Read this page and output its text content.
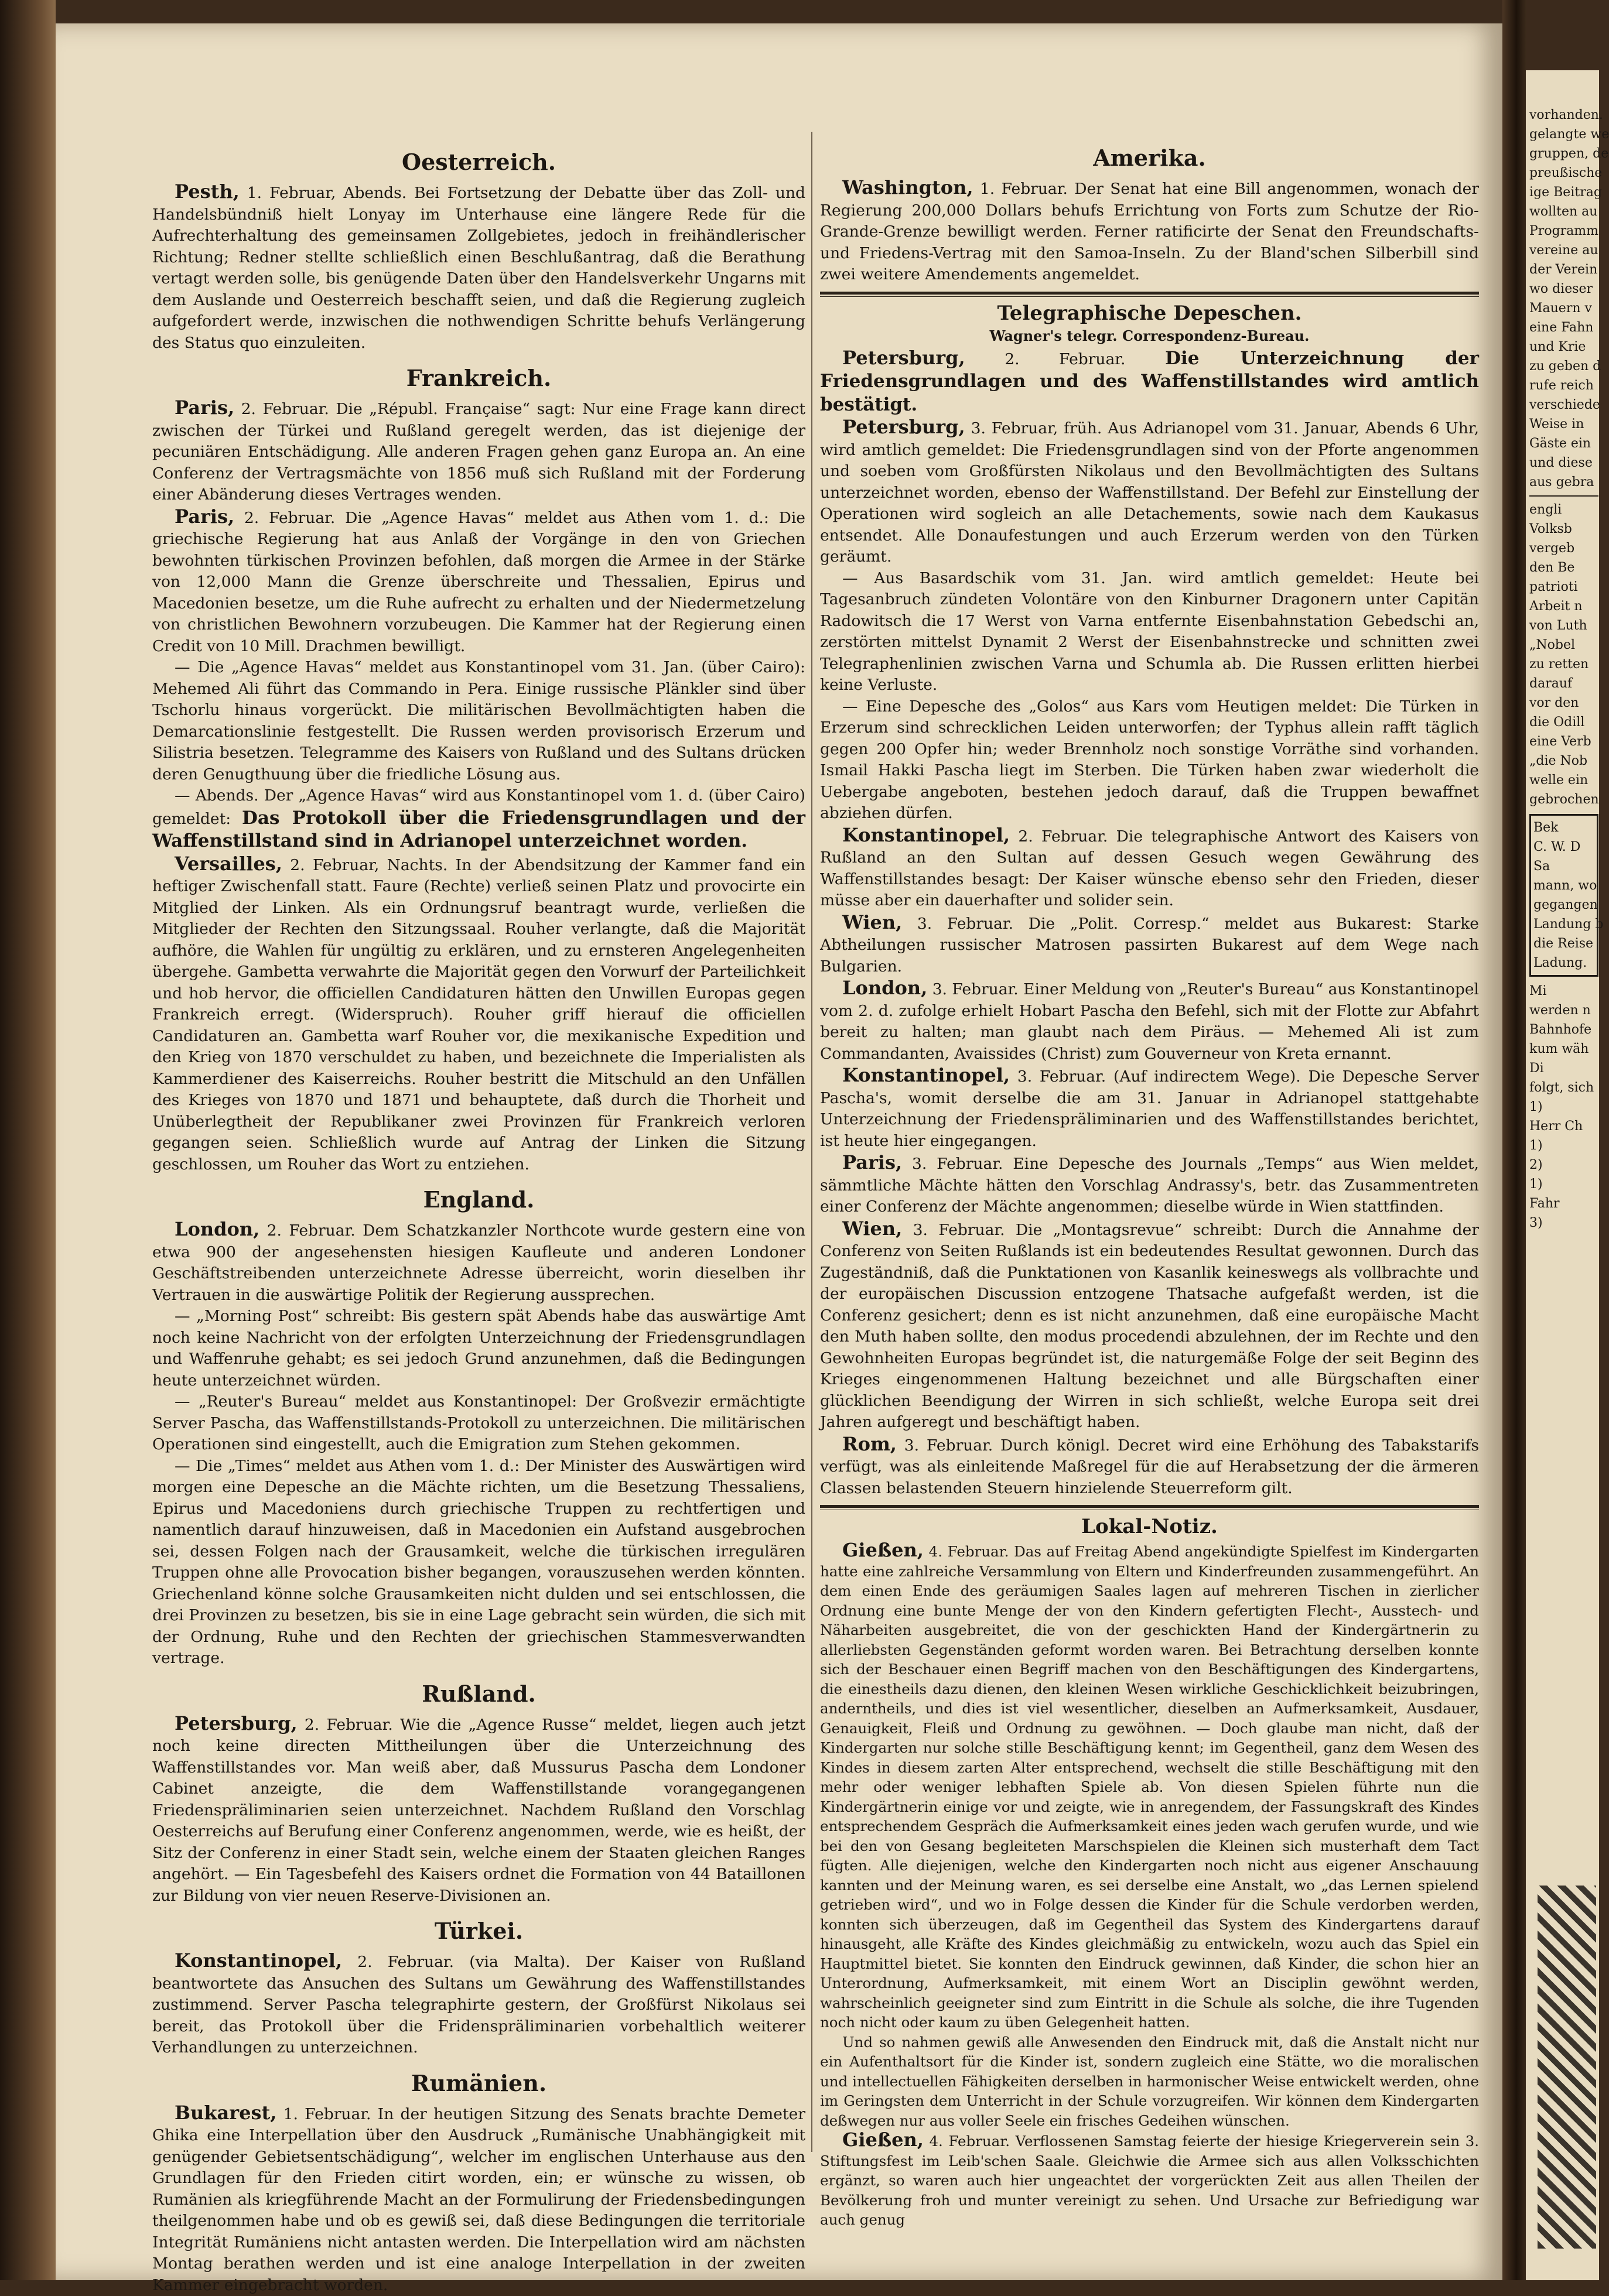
Oesterreich.

Pesth, 1. Februar, Abends. Bei Fortsetzung der Debatte über das Zoll- und Handelsbündniß hielt Lonyay im Unterhause eine längere Rede für die Aufrechterhaltung des gemeinsamen Zollgebietes, jedoch in freihändlerischer Richtung; Redner stellte schließlich einen Beschlußantrag, daß die Berathung vertagt werden solle, bis genügende Daten über den Handelsverkehr Ungarns mit dem Auslande und Oesterreich beschafft seien, und daß die Regierung zugleich aufgefordert werde, inzwischen die nothwendigen Schritte behufs Verlängerung des Status quo einzuleiten.

Frankreich.

Paris, 2. Februar. Die „Républ. Française“ sagt: Nur eine Frage kann direct zwischen der Türkei und Rußland geregelt werden, das ist diejenige der pecuniären Entschädigung. Alle anderen Fragen gehen ganz Europa an. An eine Conferenz der Vertragsmächte von 1856 muß sich Rußland mit der Forderung einer Abänderung dieses Vertrages wenden.

Paris, 2. Februar. Die „Agence Havas“ meldet aus Athen vom 1. d.: Die griechische Regierung hat aus Anlaß der Vorgänge in den von Griechen bewohnten türkischen Provinzen befohlen, daß morgen die Armee in der Stärke von 12,000 Mann die Grenze überschreite und Thessalien, Epirus und Macedonien besetze, um die Ruhe aufrecht zu erhalten und der Niedermetzelung von christlichen Bewohnern vorzubeugen. Die Kammer hat der Regierung einen Credit von 10 Mill. Drachmen bewilligt.

— Die „Agence Havas“ meldet aus Konstantinopel vom 31. Jan. (über Cairo): Mehemed Ali führt das Commando in Pera. Einige russische Plänkler sind über Tschorlu hinaus vorgerückt. Die militärischen Bevollmächtigten haben die Demarcationslinie festgestellt. Die Russen werden provisorisch Erzerum und Silistria besetzen. Telegramme des Kaisers von Rußland und des Sultans drücken deren Genugthuung über die friedliche Lösung aus.

— Abends. Der „Agence Havas“ wird aus Konstantinopel vom 1. d. (über Cairo) gemeldet: Das Protokoll über die Friedensgrundlagen und der Waffenstillstand sind in Adrianopel unterzeichnet worden.

Versailles, 2. Februar, Nachts. In der Abendsitzung der Kammer fand ein heftiger Zwischenfall statt. Faure (Rechte) verließ seinen Platz und provocirte ein Mitglied der Linken. Als ein Ordnungsruf beantragt wurde, verließen die Mitglieder der Rechten den Sitzungssaal. Rouher verlangte, daß die Majorität aufhöre, die Wahlen für ungültig zu erklären, und zu ernsteren Angelegenheiten übergehe. Gambetta verwahrte die Majorität gegen den Vorwurf der Parteilichkeit und hob hervor, die officiellen Candidaturen hätten den Unwillen Europas gegen Frankreich erregt. (Widerspruch). Rouher griff hierauf die officiellen Candidaturen an. Gambetta warf Rouher vor, die mexikanische Expedition und den Krieg von 1870 verschuldet zu haben, und bezeichnete die Imperialisten als Kammerdiener des Kaiserreichs. Rouher bestritt die Mitschuld an den Unfällen des Krieges von 1870 und 1871 und behauptete, daß durch die Thorheit und Unüberlegtheit der Republikaner zwei Provinzen für Frankreich verloren gegangen seien. Schließlich wurde auf Antrag der Linken die Sitzung geschlossen, um Rouher das Wort zu entziehen.

England.

London, 2. Februar. Dem Schatzkanzler Northcote wurde gestern eine von etwa 900 der angesehensten hiesigen Kaufleute und anderen Londoner Geschäftstreibenden unterzeichnete Adresse überreicht, worin dieselben ihr Vertrauen in die auswärtige Politik der Regierung aussprechen.

— „Morning Post“ schreibt: Bis gestern spät Abends habe das auswärtige Amt noch keine Nachricht von der erfolgten Unterzeichnung der Friedensgrundlagen und Waffenruhe gehabt; es sei jedoch Grund anzunehmen, daß die Bedingungen heute unterzeichnet würden.

— „Reuter's Bureau“ meldet aus Konstantinopel: Der Großvezir ermächtigte Server Pascha, das Waffenstillstands-Protokoll zu unterzeichnen. Die militärischen Operationen sind eingestellt, auch die Emigration zum Stehen gekommen.

— Die „Times“ meldet aus Athen vom 1. d.: Der Minister des Auswärtigen wird morgen eine Depesche an die Mächte richten, um die Besetzung Thessaliens, Epirus und Macedoniens durch griechische Truppen zu rechtfertigen und namentlich darauf hinzuweisen, daß in Macedonien ein Aufstand ausgebrochen sei, dessen Folgen nach der Grausamkeit, welche die türkischen irregulären Truppen ohne alle Provocation bisher begangen, vorauszusehen werden könnten. Griechenland könne solche Grausamkeiten nicht dulden und sei entschlossen, die drei Provinzen zu besetzen, bis sie in eine Lage gebracht sein würden, die sich mit der Ordnung, Ruhe und den Rechten der griechischen Stammesverwandten vertrage.

Rußland.

Petersburg, 2. Februar. Wie die „Agence Russe“ meldet, liegen auch jetzt noch keine directen Mittheilungen über die Unterzeichnung des Waffenstillstandes vor. Man weiß aber, daß Mussurus Pascha dem Londoner Cabinet anzeigte, die dem Waffenstillstande vorangegangenen Friedenspräliminarien seien unterzeichnet. Nachdem Rußland den Vorschlag Oesterreichs auf Berufung einer Conferenz angenommen, werde, wie es heißt, der Sitz der Conferenz in einer Stadt sein, welche einem der Staaten gleichen Ranges angehört. — Ein Tagesbefehl des Kaisers ordnet die Formation von 44 Bataillonen zur Bildung von vier neuen Reserve-Divisionen an.

Türkei.

Konstantinopel, 2. Februar. (via Malta). Der Kaiser von Rußland beantwortete das Ansuchen des Sultans um Gewährung des Waffenstillstandes zustimmend. Server Pascha telegraphirte gestern, der Großfürst Nikolaus sei bereit, das Protokoll über die Fridenspräliminarien vorbehaltlich weiterer Verhandlungen zu unterzeichnen.

Rumänien.

Bukarest, 1. Februar. In der heutigen Sitzung des Senats brachte Demeter Ghika eine Interpellation über den Ausdruck „Rumänische Unabhängigkeit mit genügender Gebietsentschädigung“, welcher im englischen Unterhause aus den Grundlagen für den Frieden citirt worden, ein; er wünsche zu wissen, ob Rumänien als kriegführende Macht an der Formulirung der Friedensbedingungen theilgenommen habe und ob es gewiß sei, daß diese Bedingungen die territoriale Integrität Rumäniens nicht antasten werden. Die Interpellation wird am nächsten Montag berathen werden und ist eine analoge Interpellation in der zweiten Kammer eingebracht worden.

Amerika.

Washington, 1. Februar. Der Senat hat eine Bill angenommen, wonach der Regierung 200,000 Dollars behufs Errichtung von Forts zum Schutze der Rio-Grande-Grenze bewilligt werden. Ferner ratificirte der Senat den Freundschafts- und Friedens-Vertrag mit den Samoa-Inseln. Zu der Bland'schen Silberbill sind zwei weitere Amendements angemeldet.

Telegraphische Depeschen.
Wagner's telegr. Correspondenz-Bureau.

Petersburg,	2. Februar. Die Unterzeichnung der Friedensgrundlagen und des Waffenstillstandes wird amtlich bestätigt.

Petersburg, 3. Februar, früh. Aus Adrianopel vom 31. Januar, Abends 6 Uhr, wird amtlich gemeldet: Die Friedensgrundlagen sind von der Pforte angenommen und soeben vom Großfürsten Nikolaus und den Bevollmächtigten des Sultans unterzeichnet worden, ebenso der Waffenstillstand. Der Befehl zur Einstellung der Operationen wird sogleich an alle Detachements, sowie nach dem Kaukasus entsendet. Alle Donaufestungen und auch Erzerum werden von den Türken geräumt.

— Aus Basardschik vom 31. Jan. wird amtlich gemeldet: Heute bei Tagesanbruch zündeten Volontäre von den Kinburner Dragonern unter Capitän Radowitsch die 17 Werst von Varna entfernte Eisenbahnstation Gebedschi an, zerstörten mittelst Dynamit 2 Werst der Eisenbahnstrecke und schnitten zwei Telegraphenlinien zwischen Varna und Schumla ab. Die Russen erlitten hierbei keine Verluste.

— Eine Depesche des „Golos“ aus Kars vom Heutigen meldet: Die Türken in Erzerum sind schrecklichen Leiden unterworfen; der Typhus allein rafft täglich gegen 200 Opfer hin; weder Brennholz noch sonstige Vorräthe sind vorhanden. Ismail Hakki Pascha liegt im Sterben. Die Türken haben zwar wiederholt die Uebergabe angeboten, bestehen jedoch darauf, daß die Truppen bewaffnet abziehen dürfen.

Konstantinopel, 2. Februar. Die telegraphische Antwort des Kaisers von Rußland an den Sultan auf dessen Gesuch wegen Gewährung des Waffenstillstandes besagt: Der Kaiser wünsche ebenso sehr den Frieden, dieser müsse aber ein dauerhafter und solider sein.

Wien, 3. Februar. Die „Polit. Corresp.“ meldet aus Bukarest: Starke Abtheilungen russischer Matrosen passirten Bukarest auf dem Wege nach Bulgarien.

London, 3. Februar. Einer Meldung von „Reuter's Bureau“ aus Konstantinopel vom 2. d. zufolge erhielt Hobart Pascha den Befehl, sich mit der Flotte zur Abfahrt bereit zu halten; man glaubt nach dem Piräus. — Mehemed Ali ist zum Commandanten, Avaissides (Christ) zum Gouverneur von Kreta ernannt.

Konstantinopel, 3. Februar. (Auf indirectem Wege). Die Depesche Server Pascha's, womit derselbe die am 31. Januar in Adrianopel stattgehabte Unterzeichnung der Friedenspräliminarien und des Waffenstillstandes berichtet, ist heute hier eingegangen.

Paris, 3. Februar. Eine Depesche des Journals „Temps“ aus Wien meldet, sämmtliche Mächte hätten den Vorschlag Andrassy's, betr. das Zusammentreten einer Conferenz der Mächte angenommen; dieselbe würde in Wien stattfinden.

Wien, 3. Februar. Die „Montagsrevue“ schreibt: Durch die Annahme der Conferenz von Seiten Rußlands ist ein bedeutendes Resultat gewonnen. Durch das Zugeständniß, daß die Punktationen von Kasanlik keineswegs als vollbrachte und der europäischen Discussion entzogene Thatsache aufgefaßt werden, ist die Conferenz gesichert; denn es ist nicht anzunehmen, daß eine europäische Macht den Muth haben sollte, den modus procedendi abzulehnen, der im Rechte und den Gewohnheiten Europas begründet ist, die naturgemäße Folge der seit Beginn des Krieges eingenommenen Haltung bezeichnet und alle Bürgschaften einer glücklichen Beendigung der Wirren in sich schließt, welche Europa seit drei Jahren aufgeregt und beschäftigt haben.

Rom, 3. Februar. Durch königl. Decret wird eine Erhöhung des Tabakstarifs verfügt, was als einleitende Maßregel für die auf Herabsetzung der die ärmeren Classen belastenden Steuern hinzielende Steuerreform gilt.

Lokal-Notiz.

Gießen, 4. Februar. Das auf Freitag Abend angekündigte Spielfest im Kindergarten hatte eine zahlreiche Versammlung von Eltern und Kinderfreunden zusammengeführt. An dem einen Ende des geräumigen Saales lagen auf mehreren Tischen in zierlicher Ordnung eine bunte Menge der von den Kindern gefertigten Flecht-, Ausstech- und Näharbeiten ausgebreitet, die von der geschickten Hand der Kindergärtnerin zu allerliebsten Gegenständen geformt worden waren. Bei Betrachtung derselben konnte sich der Beschauer einen Begriff machen von den Beschäftigungen des Kindergartens, die einestheils dazu dienen, den kleinen Wesen wirkliche Geschicklichkeit beizubringen, anderntheils, und dies ist viel wesentlicher, dieselben an Aufmerksamkeit, Ausdauer, Genauigkeit, Fleiß und Ordnung zu gewöhnen. — Doch glaube man nicht, daß der Kindergarten nur solche stille Beschäftigung kennt; im Gegentheil, ganz dem Wesen des Kindes in diesem zarten Alter entsprechend, wechselt die stille Beschäftigung mit den mehr oder weniger lebhaften Spiele ab. Von diesen Spielen führte nun die Kindergärtnerin einige vor und zeigte, wie in anregendem, der Fassungskraft des Kindes entsprechendem Gespräch die Aufmerksamkeit eines jeden wach gerufen wurde, und wie bei den von Gesang begleiteten Marschspielen die Kleinen sich musterhaft dem Tact fügten. Alle diejenigen, welche den Kindergarten noch nicht aus eigener Anschauung kannten und der Meinung waren, es sei derselbe eine Anstalt, wo „das Lernen spielend getrieben wird“, und wo in Folge dessen die Kinder für die Schule verdorben werden, konnten sich überzeugen, daß im Gegentheil das System des Kindergartens darauf hinausgeht, alle Kräfte des Kindes gleichmäßig zu entwickeln, wozu auch das Spiel ein Hauptmittel bietet. Sie konnten den Eindruck gewinnen, daß Kinder, die schon hier an Unterordnung, Aufmerksamkeit, mit einem Wort an Disciplin gewöhnt werden, wahrscheinlich geeigneter sind zum Eintritt in die Schule als solche, die ihre Tugenden noch nicht oder kaum zu üben Gelegenheit hatten.

Und so nahmen gewiß alle Anwesenden den Eindruck mit, daß die Anstalt nicht nur ein Aufenthaltsort für die Kinder ist, sondern zugleich eine Stätte, wo die moralischen und intellectuellen Fähigkeiten derselben in harmonischer Weise entwickelt werden, ohne im Geringsten dem Unterricht in der Schule vorzugreifen. Wir können dem Kindergarten deßwegen nur aus voller Seele ein frisches Gedeihen wünschen.

Gießen, 4. Februar. Verflossenen Samstag feierte der hiesige Kriegerverein sein 3. Stiftungsfest im Leib'schen Saale. Gleichwie die Armee sich aus allen Volksschichten ergänzt, so waren auch hier ungeachtet der vorgerückten Zeit aus allen Theilen der Bevölkerung froh und munter vereinigt zu sehen. Und Ursache zur Befriedigung war auch genug

vorhanden.
gelangte we
gruppen, de
preußische
ige Beitrag
wollten au
Programm
vereine au
der Verein
wo dieser
Mauern v
eine Fahn
und Krie
zu geben d
rufe reich
verschiede
Weise in
Gäste ein
und diese
aus gebra
engli
Volksb
vergeb
den Be
patrioti
Arbeit n
von Luth
„Nobel
zu retten
darauf
vor den
die Odill
eine Verb
„die Nob
welle ein
gebrochen
Bek
C. W. D
Sa
mann, wo
gegangen
Landung b
die Reise
Ladung.
Mi
werden n
Bahnhofe
kum wäh
Di
folgt, sich
1)
Herr Ch
1)
2)
1)
Fahr
3)
